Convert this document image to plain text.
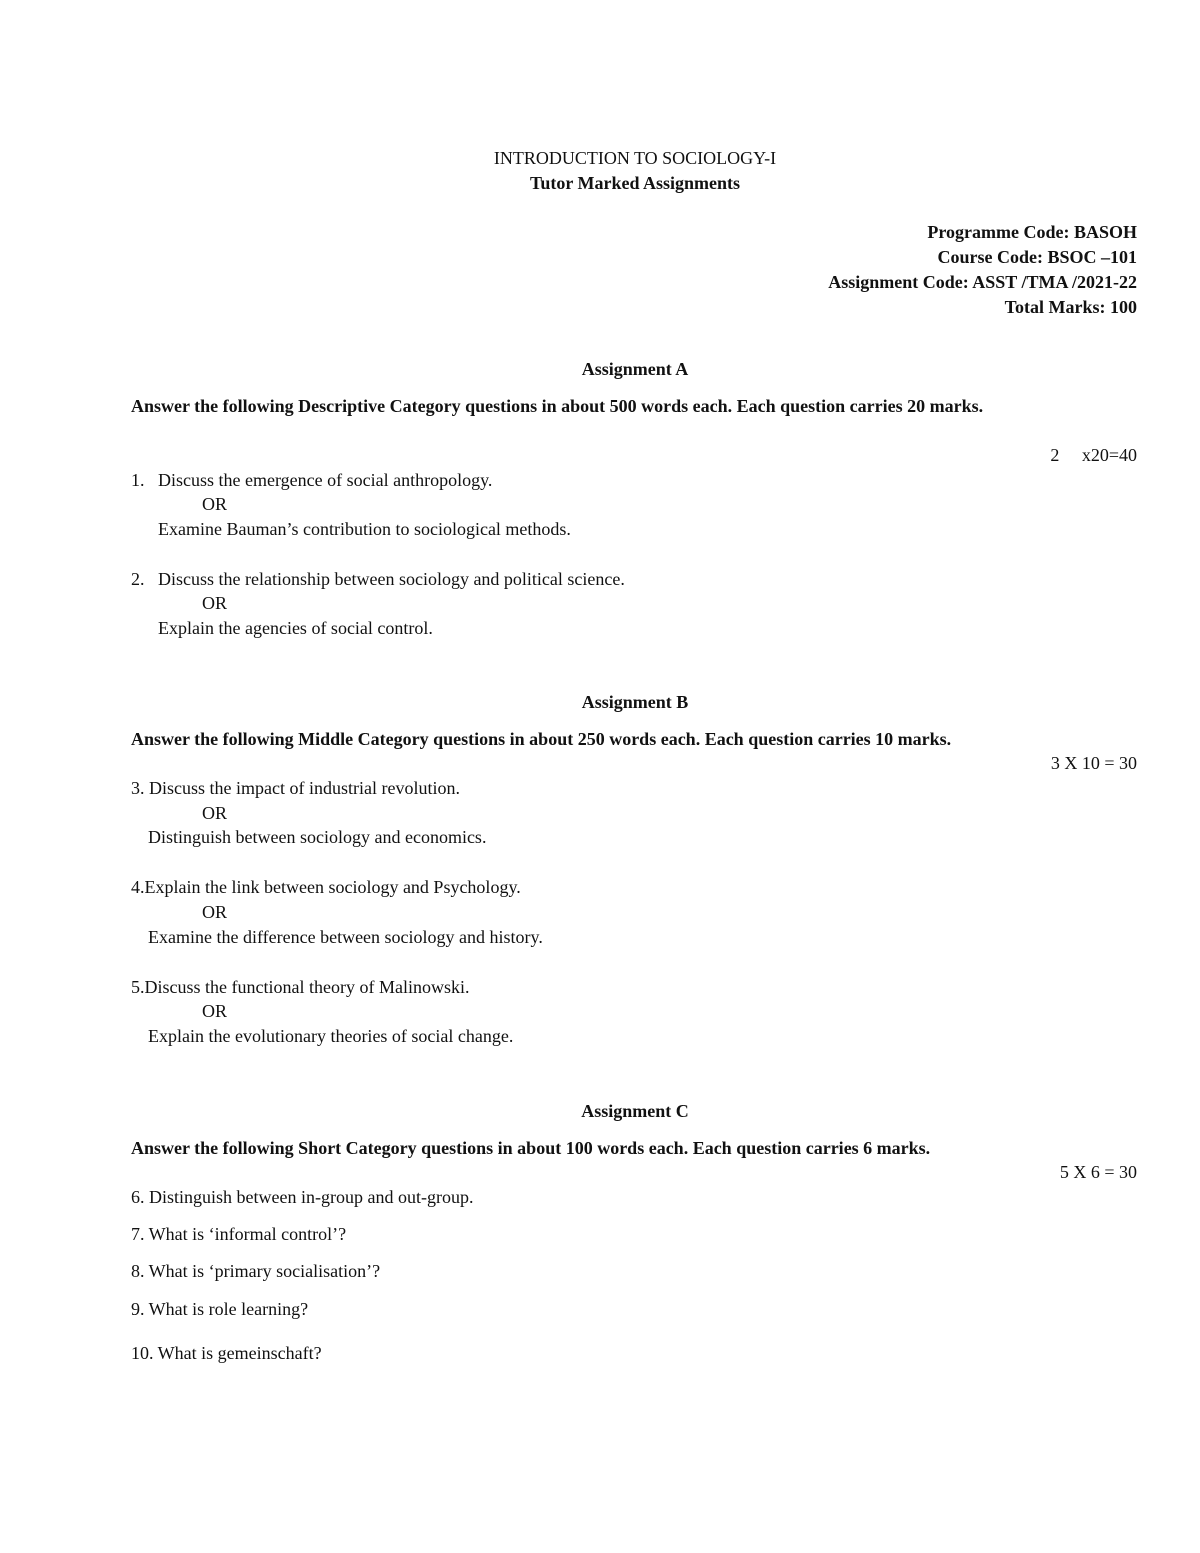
INTRODUCTION TO SOCIOLOGY-I
Tutor Marked Assignments
Programme Code: BASOH
Course Code: BSOC –101
Assignment Code: ASST /TMA /2021-22
Total Marks: 100
Assignment A
Answer the following Descriptive Category questions in about 500 words each. Each question carries 20 marks.
2     x20=40
1. Discuss the emergence of social anthropology.
OR
Examine Bauman’s contribution to sociological methods.
2. Discuss the relationship between sociology and political science.
OR
Explain the agencies of social control.
Assignment B
Answer the following Middle Category questions in about 250 words each. Each question carries 10 marks.
3 X 10 = 30
3. Discuss the impact of industrial revolution.
OR
Distinguish between sociology and economics.
4.Explain the link between sociology and Psychology.
OR
Examine the difference between sociology and history.
5.Discuss the functional theory of Malinowski.
OR
Explain the evolutionary theories of social change.
Assignment C
Answer the following Short Category questions in about 100 words each. Each question carries 6 marks.
5 X 6 = 30
6. Distinguish between in-group and out-group.
7. What is ‘informal control’?
8. What is ‘primary socialisation’?
9. What is role learning?
10. What is gemeinschaft?
